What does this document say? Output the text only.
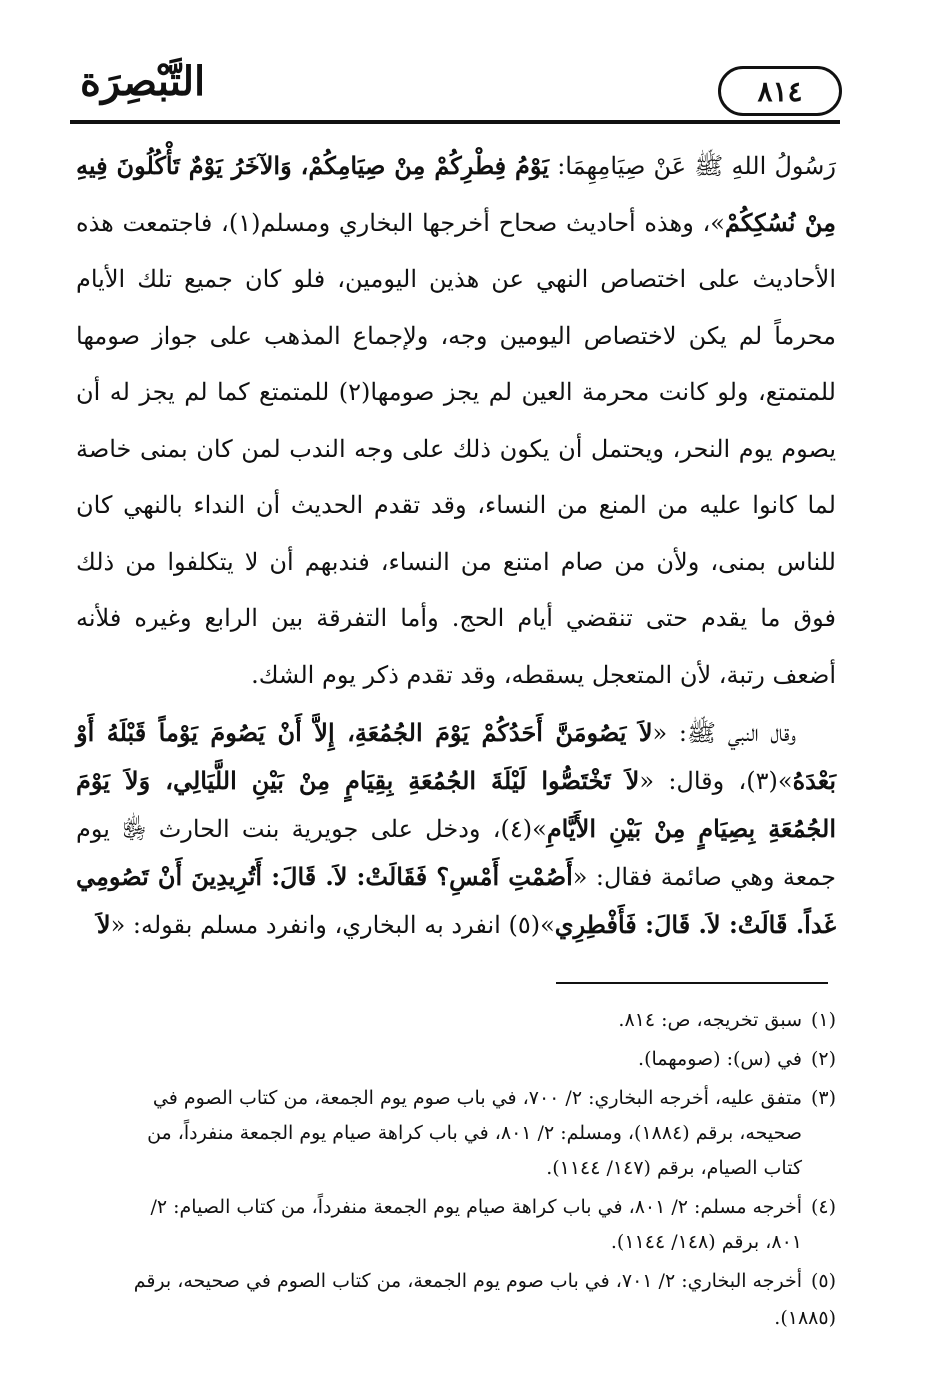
التَّبْصِرَة	٨١٤

رَسُولُ اللهِ ﷺ عَنْ صِيَامِهِمَا: يَوْمُ فِطْرِكُمْ مِنْ صِيَامِكُمْ، وَالآخَرُ يَوْمٌ تَأْكُلُونَ فِيهِ مِنْ نُسُكِكُمْ»، وهذه أحاديث صحاح أخرجها البخاري ومسلم(١)، فاجتمعت هذه الأحاديث على اختصاص النهي عن هذين اليومين، فلو كان جميع تلك الأيام محرماً لم يكن لاختصاص اليومين وجه، ولإجماع المذهب على جواز صومها للمتمتع، ولو كانت محرمة العين لم يجز صومها(٢) للمتمتع كما لم يجز له أن يصوم يوم النحر، ويحتمل أن يكون ذلك على وجه الندب لمن كان بمنى خاصة لما كانوا عليه من المنع من النساء، وقد تقدم الحديث أن النداء بالنهي كان للناس بمنى، ولأن من صام امتنع من النساء، فندبهم أن لا يتكلفوا من ذلك فوق ما يقدم حتى تنقضي أيام الحج. وأما التفرقة بين الرابع وغيره فلأنه أضعف رتبة، لأن المتعجل يسقطه، وقد تقدم ذكر يوم الشك.

وقال النبي ﷺ: «لاَ يَصُومَنَّ أَحَدُكُمْ يَوْمَ الجُمُعَةِ، إِلاَّ أَنْ يَصُومَ يَوْماً قَبْلَهُ أَوْ بَعْدَهُ»(٣)، وقال: «لاَ تَخْتَصُّوا لَيْلَةَ الجُمُعَةِ بِقِيَامٍ مِنْ بَيْنِ اللَّيَالِي، وَلاَ يَوْمَ الجُمُعَةِ بِصِيَامٍ مِنْ بَيْنِ الأَيَّامِ»(٤)، ودخل على جويرية بنت الحارث ﵂ يوم جمعة وهي صائمة فقال: «أَصُمْتِ أَمْسِ؟ فَقَالَتْ: لاَ. قَالَ: أَتُرِيدِينَ أَنْ تَصُومِي غَداً. قَالَتْ: لاَ. قَالَ: فَأَفْطِرِي»(٥) انفرد به البخاري، وانفرد مسلم بقوله: «لاَ

(١)سبق تخريجه، ص: ٨١٤.
(٢)في (س): (صومهما).
(٣)متفق عليه، أخرجه البخاري: ٢/ ٧٠٠، في باب صوم يوم الجمعة، من كتاب الصوم في
صحيحه، برقم (١٨٨٤)، ومسلم: ٢/ ٨٠١، في باب كراهة صيام يوم الجمعة منفرداً، من
كتاب الصيام، برقم (١٤٧/ ١١٤٤).
(٤)أخرجه مسلم: ٢/ ٨٠١، في باب كراهة صيام يوم الجمعة منفرداً، من كتاب الصيام: ٢/
٨٠١، برقم (١٤٨/ ١١٤٤).
(٥)أخرجه البخاري: ٢/ ٧٠١، في باب صوم يوم الجمعة، من كتاب الصوم في صحيحه، برقم (١٨٨٥).
